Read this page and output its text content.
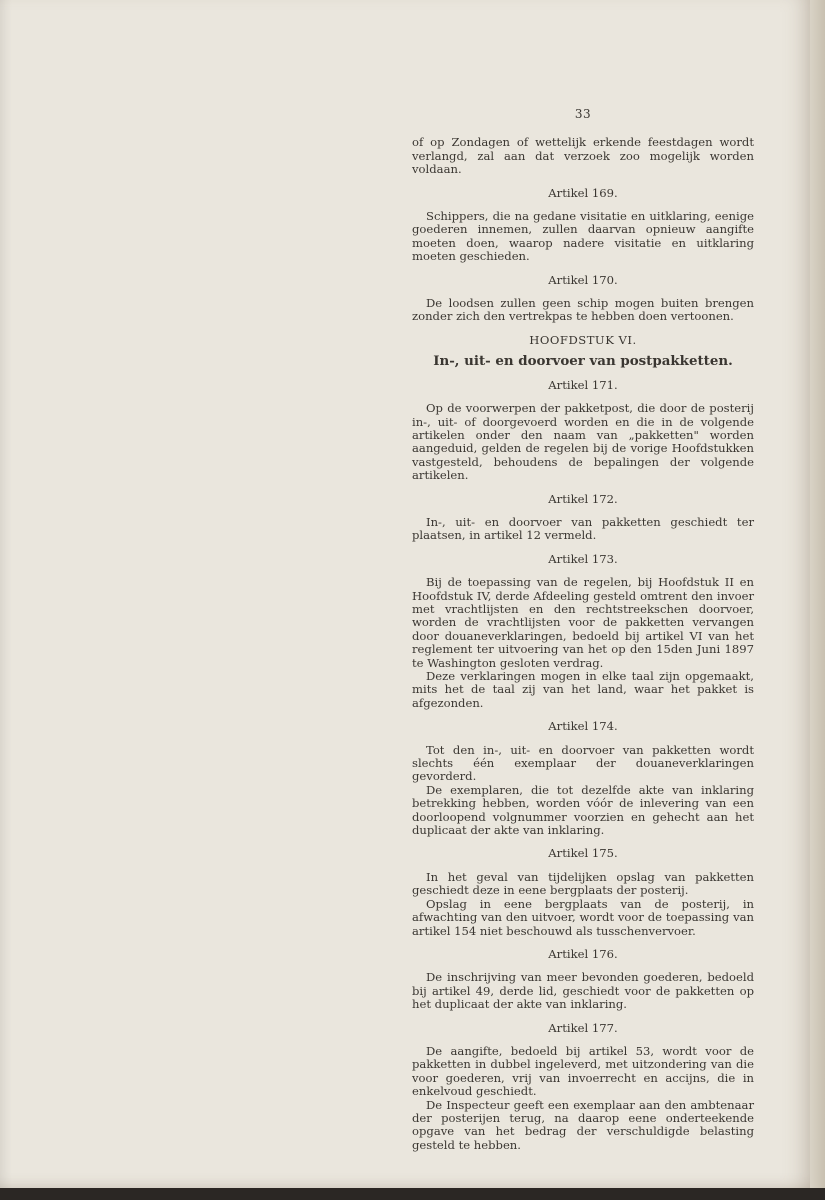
33

of op Zondagen of wettelijk erkende feestdagen wordt verlangd, zal aan dat verzoek zoo mogelijk worden voldaan.

Artikel 169.

Schippers, die na gedane visitatie en uitklaring, eenige goederen innemen, zullen daarvan opnieuw aangifte moeten doen, waarop nadere visitatie en uitklaring moeten geschieden.

Artikel 170.

De loodsen zullen geen schip mogen buiten brengen zonder zich den vertrekpas te hebben doen vertoonen.

HOOFDSTUK VI.
In-, uit- en doorvoer van postpakketten.
Artikel 171.

Op de voorwerpen der pakketpost, die door de posterij in-, uit- of doorgevoerd worden en die in de volgende artikelen onder den naam van „pakketten" worden aangeduid, gelden de regelen bij de vorige Hoofdstukken vastgesteld, behoudens de bepalingen der volgende artikelen.

Artikel 172.

In-, uit- en doorvoer van pakketten geschiedt ter plaatsen, in artikel 12 vermeld.

Artikel 173.

Bij de toepassing van de regelen, bij Hoofdstuk II en Hoofdstuk IV, derde Afdeeling gesteld omtrent den invoer met vrachtlijsten en den rechtstreekschen doorvoer, worden de vrachtlijsten voor de pakketten vervangen door douaneverklaringen, bedoeld bij artikel VI van het reglement ter uitvoering van het op den 15den Juni 1897 te Washington gesloten verdrag.

Deze verklaringen mogen in elke taal zijn opgemaakt, mits het de taal zij van het land, waar het pakket is afgezonden.

Artikel 174.

Tot den in-, uit- en doorvoer van pakketten wordt slechts één exemplaar der douaneverklaringen gevorderd.

De exemplaren, die tot dezelfde akte van inklaring betrekking hebben, worden vóór de inlevering van een doorloopend volgnummer voorzien en gehecht aan het duplicaat der akte van inklaring.

Artikel 175.

In het geval van tijdelijken opslag van pakketten geschiedt deze in eene bergplaats der posterij.

Opslag in eene bergplaats van de posterij, in afwachting van den uitvoer, wordt voor de toepassing van artikel 154 niet beschouwd als tusschenvervoer.

Artikel 176.

De inschrijving van meer bevonden goederen, bedoeld bij artikel 49, derde lid, geschiedt voor de pakketten op het duplicaat der akte van inklaring.

Artikel 177.

De aangifte, bedoeld bij artikel 53, wordt voor de pakketten in dubbel ingeleverd, met uitzondering van die voor goederen, vrij van invoerrecht en accijns, die in enkelvoud geschiedt.

De Inspecteur geeft een exemplaar aan den ambtenaar der posterijen terug, na daarop eene onderteekende opgave van het bedrag der verschuldigde belasting gesteld te hebben.
